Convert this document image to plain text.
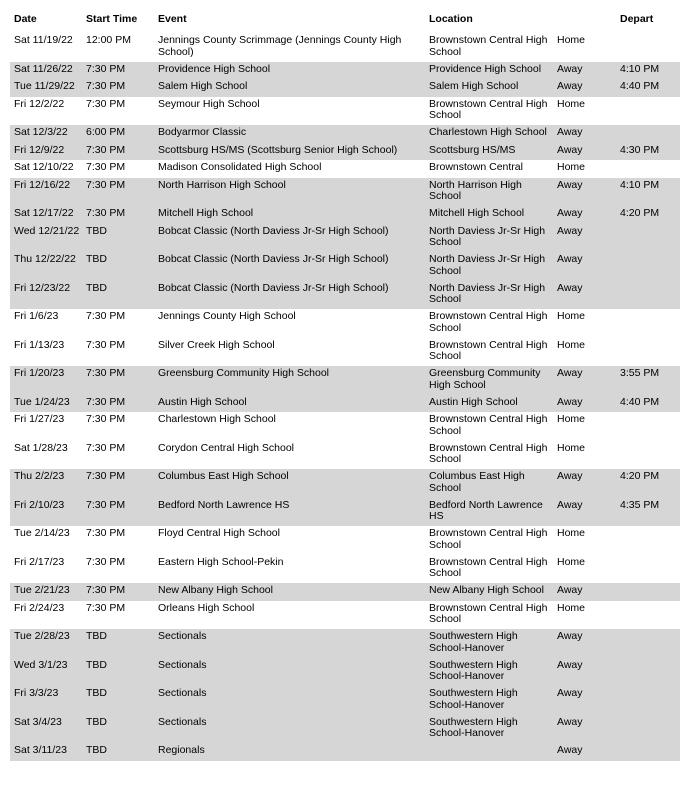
Date	Start Time	Event	Location		Depart
Sat 11/19/22	12:00 PM	Jennings County Scrimmage (Jennings County High School)	Brownstown Central High School	Home	
Sat 11/26/22	7:30 PM	Providence High School	Providence High School	Away	4:10 PM
Tue 11/29/22	7:30 PM	Salem High School	Salem High School	Away	4:40 PM
Fri 12/2/22	7:30 PM	Seymour High School	Brownstown Central High School	Home	
Sat 12/3/22	6:00 PM	Bodyarmor Classic	Charlestown High School	Away	
Fri 12/9/22	7:30 PM	Scottsburg HS/MS (Scottsburg Senior High School)	Scottsburg HS/MS	Away	4:30 PM
Sat 12/10/22	7:30 PM	Madison Consolidated High School	Brownstown Central	Home	
Fri 12/16/22	7:30 PM	North Harrison High School	North Harrison High School	Away	4:10 PM
Sat 12/17/22	7:30 PM	Mitchell High School	Mitchell High School	Away	4:20 PM
Wed 12/21/22	TBD	Bobcat Classic (North Daviess Jr-Sr High School)	North Daviess Jr-Sr High School	Away	
Thu 12/22/22	TBD	Bobcat Classic (North Daviess Jr-Sr High School)	North Daviess Jr-Sr High School	Away	
Fri 12/23/22	TBD	Bobcat Classic (North Daviess Jr-Sr High School)	North Daviess Jr-Sr High School	Away	
Fri 1/6/23	7:30 PM	Jennings County High School	Brownstown Central High School	Home	
Fri 1/13/23	7:30 PM	Silver Creek High School	Brownstown Central High School	Home	
Fri 1/20/23	7:30 PM	Greensburg Community High School	Greensburg Community High School	Away	3:55 PM
Tue 1/24/23	7:30 PM	Austin High School	Austin High School	Away	4:40 PM
Fri 1/27/23	7:30 PM	Charlestown High School	Brownstown Central High School	Home	
Sat 1/28/23	7:30 PM	Corydon Central High School	Brownstown Central High School	Home	
Thu 2/2/23	7:30 PM	Columbus East High School	Columbus East High School	Away	4:20 PM
Fri 2/10/23	7:30 PM	Bedford North Lawrence HS	Bedford North Lawrence HS	Away	4:35 PM
Tue 2/14/23	7:30 PM	Floyd Central High School	Brownstown Central High School	Home	
Fri 2/17/23	7:30 PM	Eastern High School-Pekin	Brownstown Central High School	Home	
Tue 2/21/23	7:30 PM	New Albany High School	New Albany High School	Away	
Fri 2/24/23	7:30 PM	Orleans High School	Brownstown Central High School	Home	
Tue 2/28/23	TBD	Sectionals	Southwestern High School-Hanover	Away	
Wed 3/1/23	TBD	Sectionals	Southwestern High School-Hanover	Away	
Fri 3/3/23	TBD	Sectionals	Southwestern High School-Hanover	Away	
Sat 3/4/23	TBD	Sectionals	Southwestern High School-Hanover	Away	
Sat 3/11/23	TBD	Regionals		Away	
